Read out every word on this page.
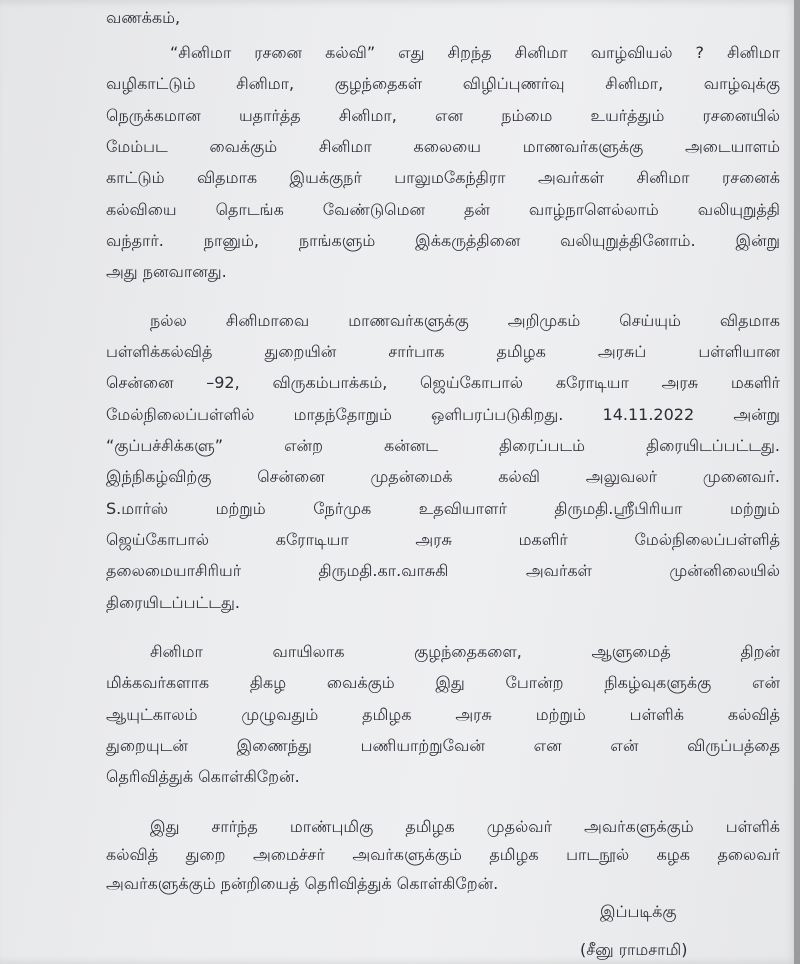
வணக்கம்,
“சினிமா ரசனை கல்வி” எது சிறந்த சினிமா வாழ்வியல் ? சினிமா
வழிகாட்டும் சினிமா, குழந்தைகள் விழிப்புணர்வு சினிமா, வாழ்வுக்கு
நெருக்கமான யதார்த்த சினிமா, என நம்மை உயர்த்தும் ரசனையில்
மேம்பட வைக்கும் சினிமா கலையை மாணவர்களுக்கு அடையாளம்
காட்டும் விதமாக இயக்குநர் பாலுமகேந்திரா அவர்கள் சினிமா ரசனைக்
கல்வியை தொடங்க வேண்டுமென தன் வாழ்நாளெல்லாம் வலியுறுத்தி
வந்தார். நானும், நாங்களும் இக்கருத்தினை வலியுறுத்தினோம். இன்று
அது நனவானது.
நல்ல சினிமாவை மாணவர்களுக்கு அறிமுகம் செய்யும் விதமாக
பள்ளிக்கல்வித் துறையின் சார்பாக தமிழக அரசுப் பள்ளியான
சென்னை –92, விருகம்பாக்கம், ஜெய்கோபால் கரோடியா அரசு மகளிர்
மேல்நிலைப்பள்ளில் மாதந்தோறும் ஒளிபரப்படுகிறது. 14.11.2022 அன்று
“குப்பச்சிக்களு” என்ற கன்னட திரைப்படம் திரையிடப்பட்டது.
இந்நிகழ்விற்கு சென்னை முதன்மைக் கல்வி அலுவலர் முனைவர்.
S.மார்ஸ் மற்றும் நேர்முக உதவியாளர் திருமதி.ஸ்ரீபிரியா மற்றும்
ஜெய்கோபால் கரோடியா அரசு மகளிர் மேல்நிலைப்பள்ளித்
தலைமையாசிரியர் திருமதி.கா.வாசுகி அவர்கள் முன்னிலையில்
திரையிடப்பட்டது.
சினிமா வாயிலாக குழந்தைகளை, ஆளுமைத் திறன்
மிக்கவர்களாக திகழ வைக்கும் இது போன்ற நிகழ்வுகளுக்கு என்
ஆயுட்காலம் முழுவதும் தமிழக அரசு மற்றும் பள்ளிக் கல்வித்
துறையுடன் இணைந்து பணியாற்றுவேன் என என் விருப்பத்தை
தெரிவித்துக் கொள்கிறேன்.
இது சார்ந்த மாண்புமிகு தமிழக முதல்வர் அவர்களுக்கும் பள்ளிக்
கல்வித் துறை அமைச்சர் அவர்களுக்கும் தமிழக பாடநூல் கழக தலைவர்
அவர்களுக்கும் நன்றியைத் தெரிவித்துக் கொள்கிறேன்.
இப்படிக்கு
(சீனு ராமசாமி)
